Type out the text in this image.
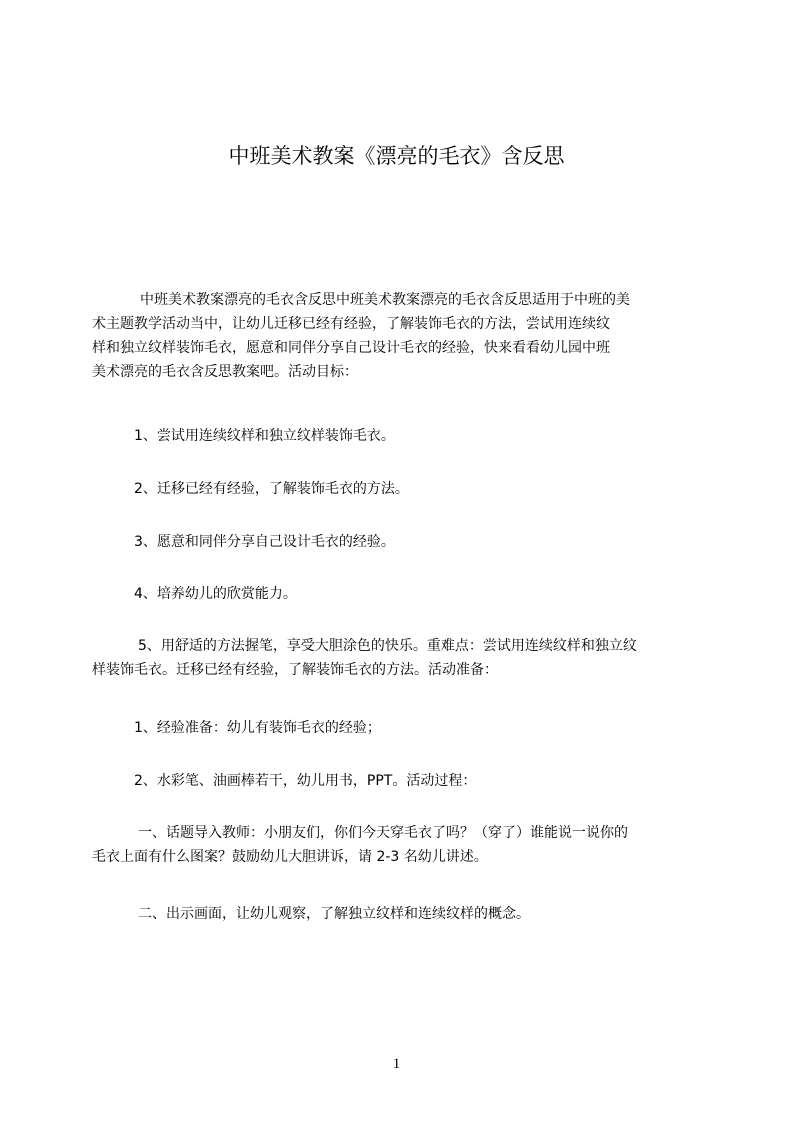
中班美术教案《漂亮的毛衣》含反思
中班美术教案漂亮的毛衣含反思中班美术教案漂亮的毛衣含反思适用于中班的美
术主题教学活动当中，让幼儿迁移已经有经验，了解装饰毛衣的方法，尝试用连续纹
样和独立纹样装饰毛衣，愿意和同伴分享自己设计毛衣的经验，快来看看幼儿园中班
美术漂亮的毛衣含反思教案吧。活动目标：
1、尝试用连续纹样和独立纹样装饰毛衣。
2、迁移已经有经验，了解装饰毛衣的方法。
3、愿意和同伴分享自己设计毛衣的经验。
4、培养幼儿的欣赏能力。
5、用舒适的方法握笔，享受大胆涂色的快乐。重难点：尝试用连续纹样和独立纹
样装饰毛衣。迁移已经有经验，了解装饰毛衣的方法。活动准备：
1、经验准备：幼儿有装饰毛衣的经验；
2、水彩笔、油画棒若干，幼儿用书，PPT。活动过程：
一、话题导入教师：小朋友们，你们今天穿毛衣了吗？（穿了）谁能说一说你的
毛衣上面有什么图案？鼓励幼儿大胆讲诉，请 2-3 名幼儿讲述。
二、出示画面，让幼儿观察，了解独立纹样和连续纹样的概念。
1
